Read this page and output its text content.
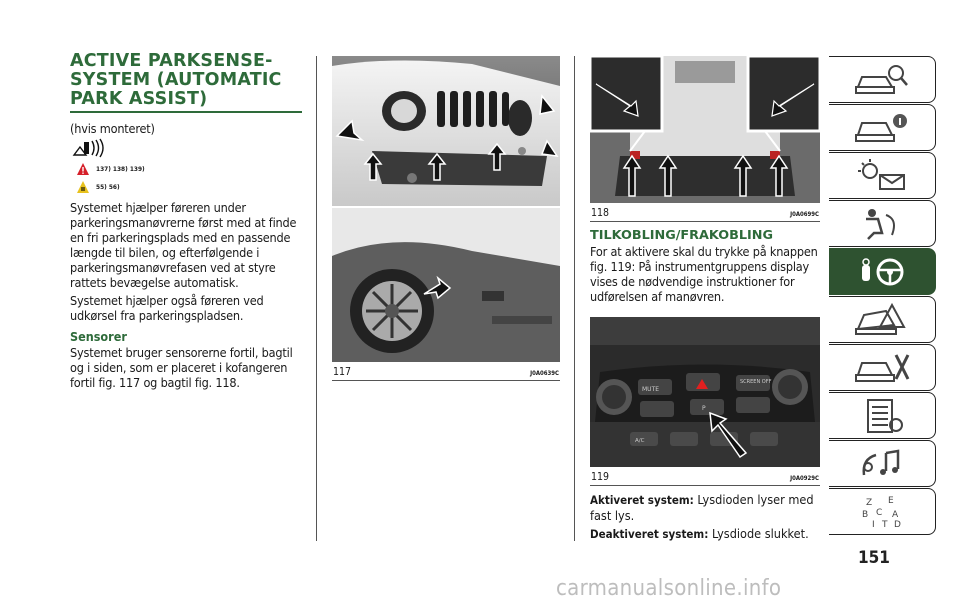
ACTIVE PARKSENSE-
SYSTEM (AUTOMATIC
PARK ASSIST)
(hvis monteret)
137) 138) 139)
55) 56)
Systemet hjælper føreren under
parkeringsmanøvrerne først med at finde
en fri parkeringsplads med en passende
længde til bilen, og efterfølgende i
parkeringsmanøvrefasen ved at styre
rattets bevægelse automatisk.
Systemet hjælper også føreren ved
udkørsel fra parkeringspladsen.
Sensorer
Systemet bruger sensorerne fortil, bagtil
og i siden, som er placeret i kofangeren
fortil fig. 117 og bagtil fig. 118.
117	J0A0639C
118	J0A0699C
TILKOBLING/FRAKOBLING
For at aktivere skal du trykke på knappen
fig. 119: På instrumentgruppens display
vises de nødvendige instruktioner for
udførelsen af manøvren.
MUTE
SCREEN OFF
P
A/C
119	J0A0929C
Aktiveret system: Lysdioden lyser med fast lys.
Deaktiveret system: Lysdiode slukket.
Z E
B C A
I T D
151
carmanualsonline.info
